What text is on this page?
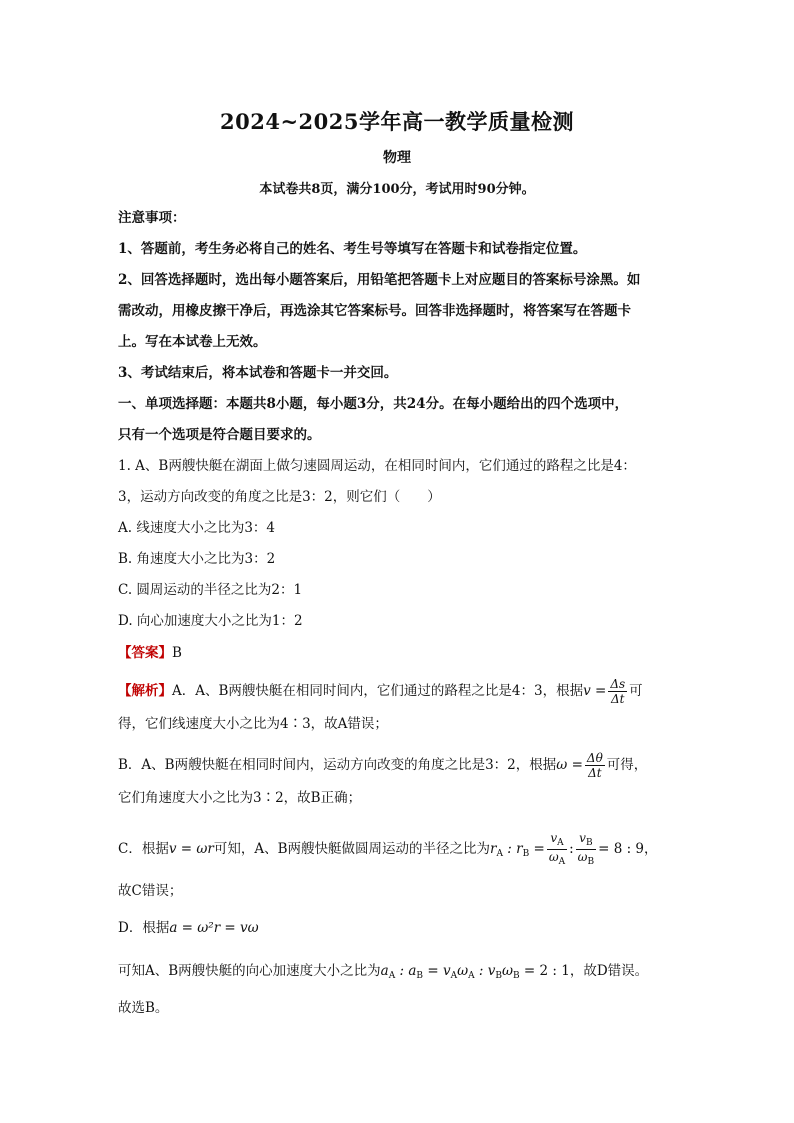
2024~2025学年高一教学质量检测
物理
本试卷共8页，满分100分，考试用时90分钟。
注意事项：
1、答题前，考生务必将自己的姓名、考生号等填写在答题卡和试卷指定位置。
2、回答选择题时，选出每小题答案后，用铅笔把答题卡上对应题目的答案标号涂黑。如
需改动，用橡皮擦干净后，再选涂其它答案标号。回答非选择题时，将答案写在答题卡
上。写在本试卷上无效。
3、考试结束后，将本试卷和答题卡一并交回。
一、单项选择题：本题共8小题，每小题3分，共24分。在每小题给出的四个选项中，
只有一个选项是符合题目要求的。
1. A、B两艘快艇在湖面上做匀速圆周运动，在相同时间内，它们通过的路程之比是4：
3，运动方向改变的角度之比是3：2，则它们（　　）
A. 线速度大小之比为3：4
B. 角速度大小之比为3：2
C. 圆周运动的半径之比为2：1
D. 向心加速度大小之比为1：2
【答案】B
【解析】A．A、B两艘快艇在相同时间内，它们通过的路程之比是4：3，根据$v = \frac{\Delta s}{\Delta t}$ 可
得，它们线速度大小之比为4∶3，故A错误；
B．A、B两艘快艇在相同时间内，运动方向改变的角度之比是3：2，根据$\omega = \frac{\Delta\theta}{\Delta t}$ 可得，
它们角速度大小之比为3∶2，故B正确；
C．根据v = ωr可知，A、B两艘快艇做圆周运动的半径之比为$r_A$ : $r_B = \frac{v_A}{\omega_A}$ : $\frac{v_B}{\omega_B} = 8$ : 9，
故C错误；
D．根据a = ω²r = vω
可知A、B两艘快艇的向心加速度大小之比为$a_A$ : $a_B = v_A\omega_A$ : $v_B\omega_B = 2$ : 1，故D错误。
故选B。
